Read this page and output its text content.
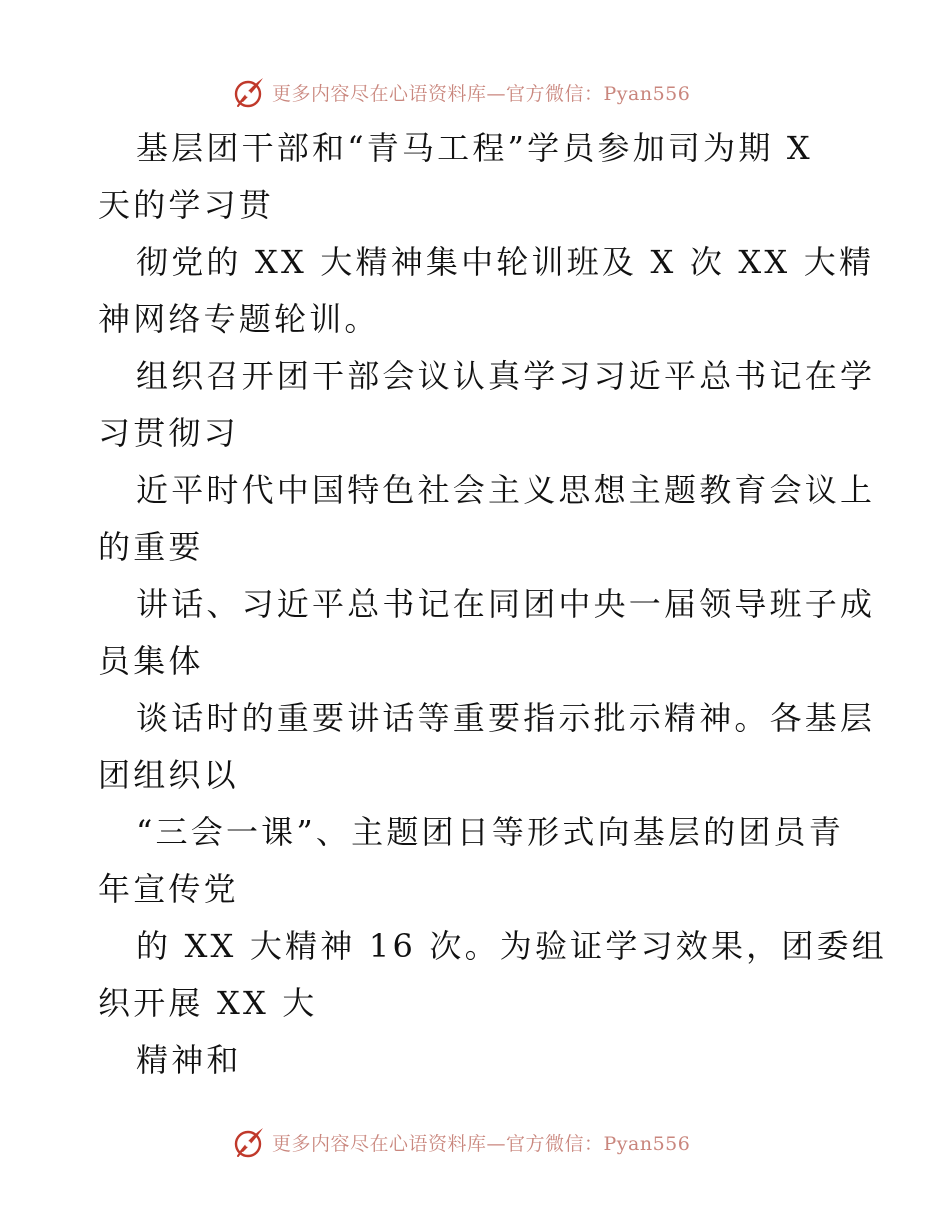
更多内容尽在心语资料库—官方微信：Pyan556
基层团干部和“青马工程”学员参加司为期 X
天的学习贯
彻党的 XX 大精神集中轮训班及 X 次 XX 大精
神网络专题轮训。
组织召开团干部会议认真学习习近平总书记在学
习贯彻习
近平时代中国特色社会主义思想主题教育会议上
的重要
讲话、习近平总书记在同团中央一届领导班子成
员集体
谈话时的重要讲话等重要指示批示精神。各基层
团组织以
“三会一课”、主题团日等形式向基层的团员青
年宣传党
的 XX 大精神 16 次。为验证学习效果，团委组
织开展 XX 大
精神和
更多内容尽在心语资料库—官方微信：Pyan556
